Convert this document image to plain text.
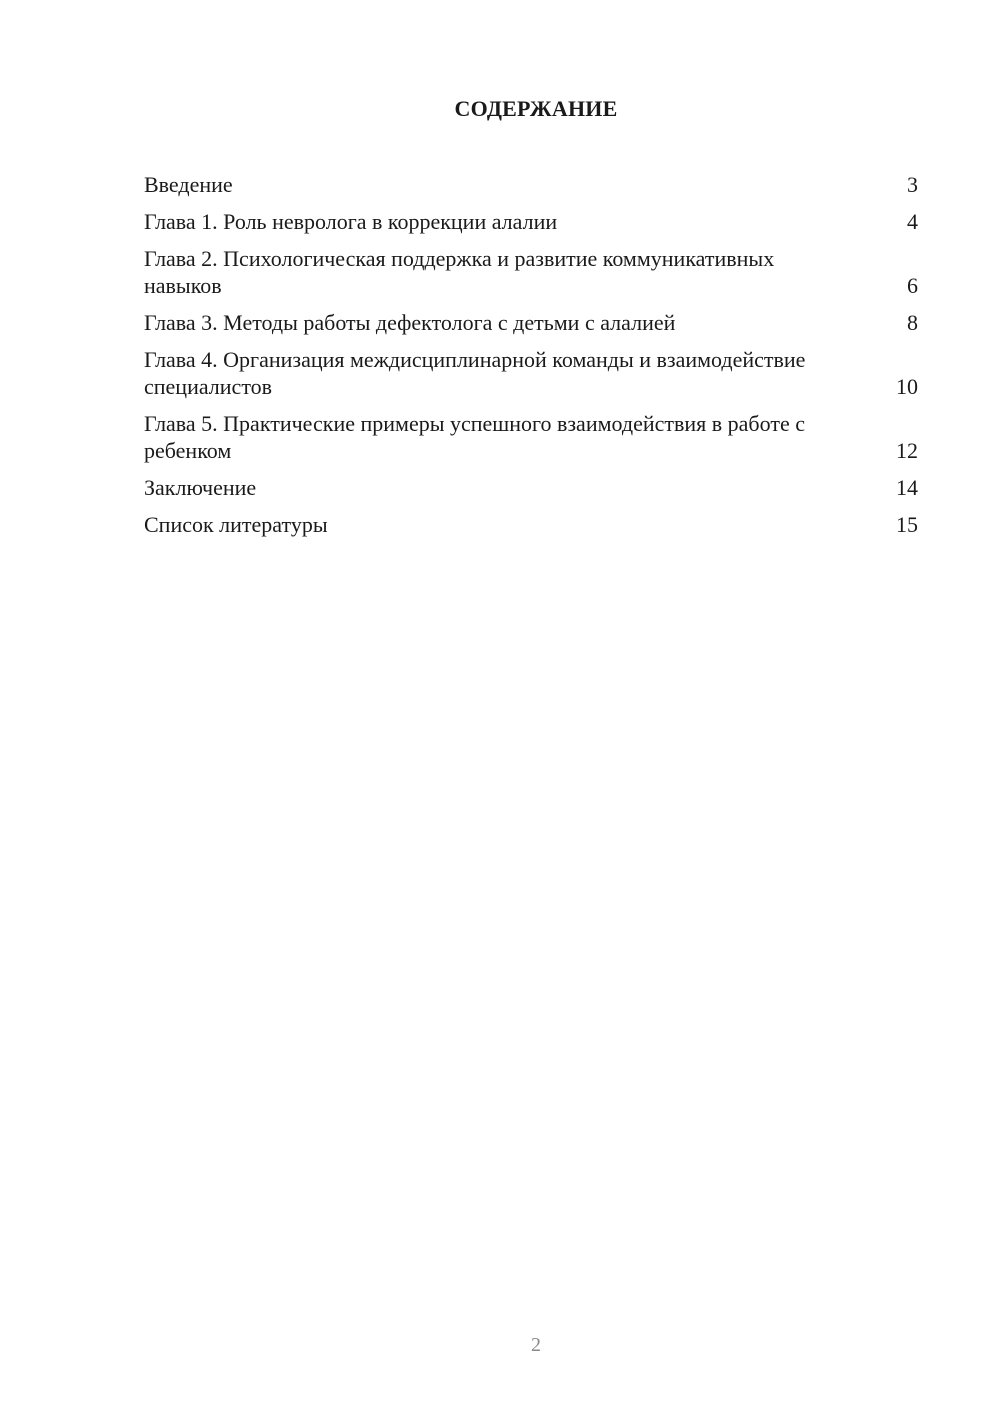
СОДЕРЖАНИЕ
Введение	3
Глава 1. Роль невролога в коррекции алалии	4
Глава 2. Психологическая поддержка и развитие коммуникативных навыков	6
Глава 3. Методы работы дефектолога с детьми с алалией	8
Глава 4. Организация междисциплинарной команды и взаимодействие специалистов	10
Глава 5. Практические примеры успешного взаимодействия в работе с ребенком	12
Заключение	14
Список литературы	15
2
